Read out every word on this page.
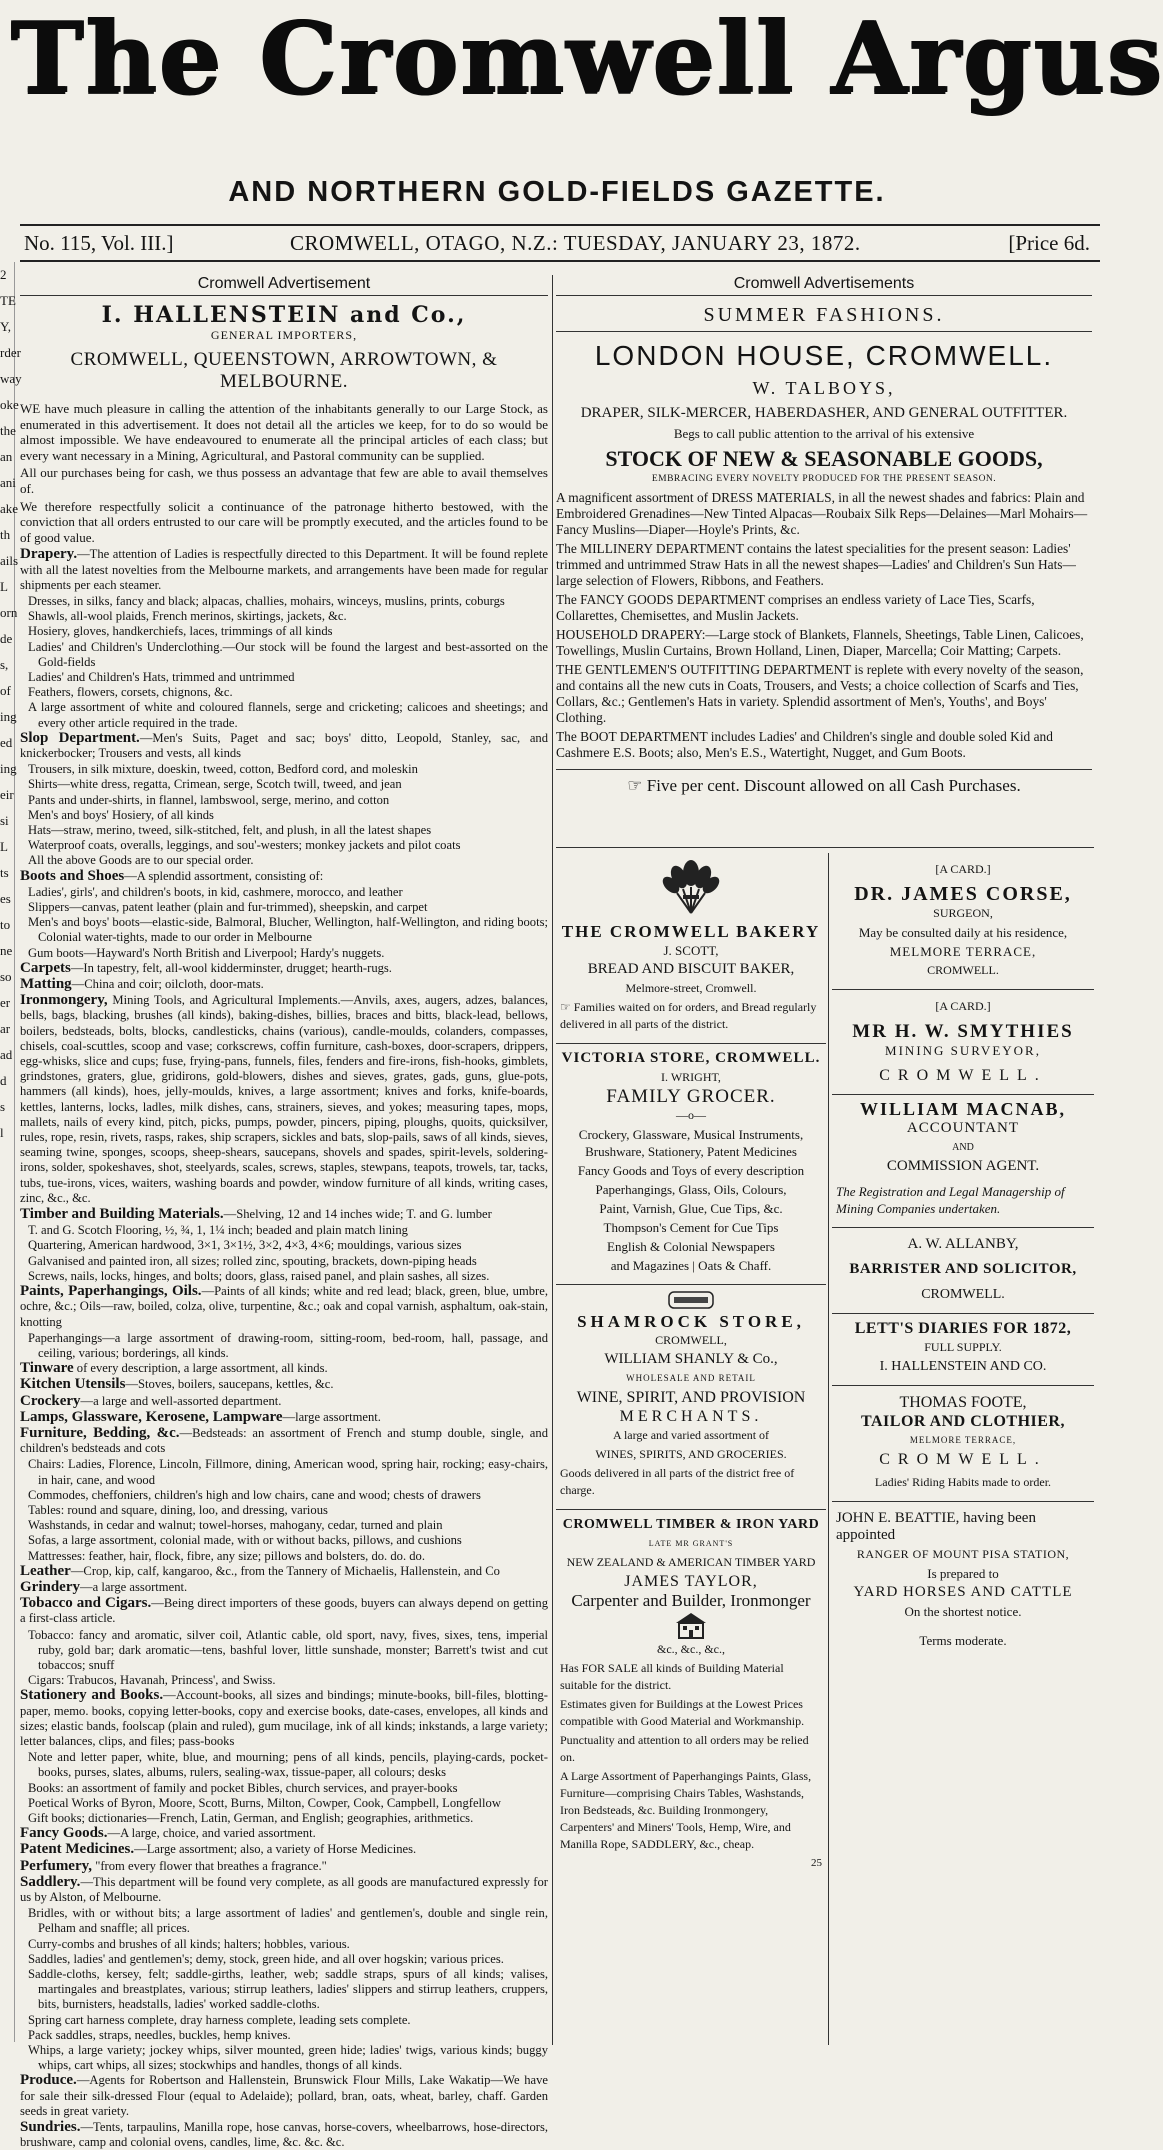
The Cromwell Argus
AND NORTHERN GOLD-FIELDS GAZETTE.
No. 115, Vol. III.]	CROMWELL, OTAGO, N.Z.: TUESDAY, JANUARY 23, 1872.	[Price 6d.
2
TE
Y,
rder
way
oke
the
an
ani
ake
th
ails
L
orn
de
s,
of
ing
ed
ing
eir
si
L
ts
es
to
ne
so
er
ar
ad
d
s
l
Cromwell Advertisement
I. HALLENSTEIN and Co.,
GENERAL IMPORTERS,
CROMWELL, QUEENSTOWN, ARROWTOWN, & MELBOURNE.

WE have much pleasure in calling the attention of the inhabitants generally to our Large Stock, as enumerated in this advertisement. It does not detail all the articles we keep, for to do so would be almost impossible. We have endeavoured to enumerate all the principal articles of each class; but every want necessary in a Mining, Agricultural, and Pastoral community can be supplied.

All our purchases being for cash, we thus possess an advantage that few are able to avail themselves of.

We therefore respectfully solicit a continuance of the patronage hitherto bestowed, with the conviction that all orders entrusted to our care will be promptly executed, and the articles found to be of good value.

Drapery.—The attention of Ladies is respectfully directed to this Department. It will be found replete with all the latest novelties from the Melbourne markets, and arrangements have been made for regular shipments per each steamer.

Dresses, in silks, fancy and black; alpacas, challies, mohairs, winceys, muslins, prints, coburgs
Shawls, all-wool plaids, French merinos, skirtings, jackets, &c.
Hosiery, gloves, handkerchiefs, laces, trimmings of all kinds
Ladies' and Children's Underclothing.—Our stock will be found the largest and best-assorted on the Gold-fields
Ladies' and Children's Hats, trimmed and untrimmed
Feathers, flowers, corsets, chignons, &c.
A large assortment of white and coloured flannels, serge and cricketing; calicoes and sheetings; and every other article required in the trade.

Slop Department.—Men's Suits, Paget and sac; boys' ditto, Leopold, Stanley, sac, and knickerbocker; Trousers and vests, all kinds

Trousers, in silk mixture, doeskin, tweed, cotton, Bedford cord, and moleskin
Shirts—white dress, regatta, Crimean, serge, Scotch twill, tweed, and jean
Pants and under-shirts, in flannel, lambswool, serge, merino, and cotton
Men's and boys' Hosiery, of all kinds
Hats—straw, merino, tweed, silk-stitched, felt, and plush, in all the latest shapes
Waterproof coats, overalls, leggings, and sou'-westers; monkey jackets and pilot coats
All the above Goods are to our special order.

Boots and Shoes—A splendid assortment, consisting of:

Ladies', girls', and children's boots, in kid, cashmere, morocco, and leather
Slippers—canvas, patent leather (plain and fur-trimmed), sheepskin, and carpet
Men's and boys' boots—elastic-side, Balmoral, Blucher, Wellington, half-Wellington, and riding boots; Colonial water-tights, made to our order in Melbourne
Gum boots—Hayward's North British and Liverpool; Hardy's nuggets.

Carpets—In tapestry, felt, all-wool kidderminster, drugget; hearth-rugs.

Matting—China and coir; oilcloth, door-mats.

Ironmongery, Mining Tools, and Agricultural Implements.—Anvils, axes, augers, adzes, balances, bells, bags, blacking, brushes (all kinds), baking-dishes, billies, braces and bitts, black-lead, bellows, boilers, bedsteads, bolts, blocks, candlesticks, chains (various), candle-moulds, colanders, compasses, chisels, coal-scuttles, scoop and vase; corkscrews, coffin furniture, cash-boxes, door-scrapers, drippers, egg-whisks, slice and cups; fuse, frying-pans, funnels, files, fenders and fire-irons, fish-hooks, gimblets, grindstones, graters, glue, gridirons, gold-blowers, dishes and sieves, grates, gads, guns, glue-pots, hammers (all kinds), hoes, jelly-moulds, knives, a large assortment; knives and forks, knife-boards, kettles, lanterns, locks, ladles, milk dishes, cans, strainers, sieves, and yokes; measuring tapes, mops, mallets, nails of every kind, pitch, picks, pumps, powder, pincers, piping, ploughs, quoits, quicksilver, rules, rope, resin, rivets, rasps, rakes, ship scrapers, sickles and bats, slop-pails, saws of all kinds, sieves, seaming twine, sponges, scoops, sheep-shears, saucepans, shovels and spades, spirit-levels, soldering-irons, solder, spokeshaves, shot, steelyards, scales, screws, staples, stewpans, teapots, trowels, tar, tacks, tubs, tue-irons, vices, waiters, washing boards and powder, window furniture of all kinds, writing cases, zinc, &c., &c.

Timber and Building Materials.—Shelving, 12 and 14 inches wide; T. and G. lumber

T. and G. Scotch Flooring, ½, ¾, 1, 1¼ inch; beaded and plain match lining
Quartering, American hardwood, 3×1, 3×1½, 3×2, 4×3, 4×6; mouldings, various sizes
Galvanised and painted iron, all sizes; rolled zinc, spouting, brackets, down-piping heads
Screws, nails, locks, hinges, and bolts; doors, glass, raised panel, and plain sashes, all sizes.

Paints, Paperhangings, Oils.—Paints of all kinds; white and red lead; black, green, blue, umbre, ochre, &c.; Oils—raw, boiled, colza, olive, turpentine, &c.; oak and copal varnish, asphaltum, oak-stain, knotting

Paperhangings—a large assortment of drawing-room, sitting-room, bed-room, hall, passage, and ceiling, various; borderings, all kinds.

Tinware of every description, a large assortment, all kinds.

Kitchen Utensils—Stoves, boilers, saucepans, kettles, &c.

Crockery—a large and well-assorted department.

Lamps, Glassware, Kerosene, Lampware—large assortment.

Furniture, Bedding, &c.—Bedsteads: an assortment of French and stump double, single, and children's bedsteads and cots

Chairs: Ladies, Florence, Lincoln, Fillmore, dining, American wood, spring hair, rocking; easy-chairs, in hair, cane, and wood
Commodes, cheffoniers, children's high and low chairs, cane and wood; chests of drawers
Tables: round and square, dining, loo, and dressing, various
Washstands, in cedar and walnut; towel-horses, mahogany, cedar, turned and plain
Sofas, a large assortment, colonial made, with or without backs, pillows, and cushions
Mattresses: feather, hair, flock, fibre, any size; pillows and bolsters, do. do. do.

Leather—Crop, kip, calf, kangaroo, &c., from the Tannery of Michaelis, Hallenstein, and Co

Grindery—a large assortment.

Tobacco and Cigars.—Being direct importers of these goods, buyers can always depend on getting a first-class article.

Tobacco: fancy and aromatic, silver coil, Atlantic cable, old sport, navy, fives, sixes, tens, imperial ruby, gold bar; dark aromatic—tens, bashful lover, little sunshade, monster; Barrett's twist and cut tobaccos; snuff
Cigars: Trabucos, Havanah, Princess', and Swiss.

Stationery and Books.—Account-books, all sizes and bindings; minute-books, bill-files, blotting-paper, memo. books, copying letter-books, copy and exercise books, date-cases, envelopes, all kinds and sizes; elastic bands, foolscap (plain and ruled), gum mucilage, ink of all kinds; inkstands, a large variety; letter balances, clips, and files; pass-books

Note and letter paper, white, blue, and mourning; pens of all kinds, pencils, playing-cards, pocket-books, purses, slates, albums, rulers, sealing-wax, tissue-paper, all colours; desks
Books: an assortment of family and pocket Bibles, church services, and prayer-books
Poetical Works of Byron, Moore, Scott, Burns, Milton, Cowper, Cook, Campbell, Longfellow
Gift books; dictionaries—French, Latin, German, and English; geographies, arithmetics.

Fancy Goods.—A large, choice, and varied assortment.

Patent Medicines.—Large assortment; also, a variety of Horse Medicines.

Perfumery, "from every flower that breathes a fragrance."

Saddlery.—This department will be found very complete, as all goods are manufactured expressly for us by Alston, of Melbourne.

Bridles, with or without bits; a large assortment of ladies' and gentlemen's, double and single rein, Pelham and snaffle; all prices.
Curry-combs and brushes of all kinds; halters; hobbles, various.
Saddles, ladies' and gentlemen's; demy, stock, green hide, and all over hogskin; various prices.
Saddle-cloths, kersey, felt; saddle-girths, leather, web; saddle straps, spurs of all kinds; valises, martingales and breastplates, various; stirrup leathers, ladies' slippers and stirrup leathers, cruppers, bits, burnisters, headstalls, ladies' worked saddle-cloths.
Spring cart harness complete, dray harness complete, leading sets complete.
Pack saddles, straps, needles, buckles, hemp knives.
Whips, a large variety; jockey whips, silver mounted, green hide; ladies' twigs, various kinds; buggy whips, cart whips, all sizes; stockwhips and handles, thongs of all kinds.

Produce.—Agents for Robertson and Hallenstein, Brunswick Flour Mills, Lake Wakatip—We have for sale their silk-dressed Flour (equal to Adelaide); pollard, bran, oats, wheat, barley, chaff. Garden seeds in great variety.

Sundries.—Tents, tarpaulins, Manilla rope, hose canvas, horse-covers, wheelbarrows, hose-directors, brushware, camp and colonial ovens, candles, lime, &c. &c. &c.

Cromwell Advertisements
SUMMER FASHIONS.
LONDON HOUSE, CROMWELL.
W. TALBOYS,
DRAPER, SILK-MERCER, HABERDASHER, AND GENERAL OUTFITTER.
Begs to call public attention to the arrival of his extensive
STOCK OF NEW & SEASONABLE GOODS,
EMBRACING EVERY NOVELTY PRODUCED FOR THE PRESENT SEASON.

A magnificent assortment of DRESS MATERIALS, in all the newest shades and fabrics: Plain and Embroidered Grenadines—New Tinted Alpacas—Roubaix Silk Reps—Delaines—Marl Mohairs—Fancy Muslins—Diaper—Hoyle's Prints, &c.

The MILLINERY DEPARTMENT contains the latest specialities for the present season: Ladies' trimmed and untrimmed Straw Hats in all the newest shapes—Ladies' and Children's Sun Hats—large selection of Flowers, Ribbons, and Feathers.

The FANCY GOODS DEPARTMENT comprises an endless variety of Lace Ties, Scarfs, Collarettes, Chemisettes, and Muslin Jackets.

HOUSEHOLD DRAPERY:—Large stock of Blankets, Flannels, Sheetings, Table Linen, Calicoes, Towellings, Muslin Curtains, Brown Holland, Linen, Diaper, Marcella; Coir Matting; Carpets.

THE GENTLEMEN'S OUTFITTING DEPARTMENT is replete with every novelty of the season, and contains all the new cuts in Coats, Trousers, and Vests; a choice collection of Scarfs and Ties, Collars, &c.; Gentlemen's Hats in variety. Splendid assortment of Men's, Youths', and Boys' Clothing.

The BOOT DEPARTMENT includes Ladies' and Children's single and double soled Kid and Cashmere E.S. Boots; also, Men's E.S., Watertight, Nugget, and Gum Boots.

☞ Five per cent. Discount allowed on all Cash Purchases.
THE CROMWELL BAKERY

J. SCOTT,

BREAD AND BISCUIT BAKER,

Melmore-street, Cromwell.

☞ Families waited on for orders, and Bread regularly delivered in all parts of the district.

VICTORIA STORE, CROMWELL.

I. WRIGHT,

FAMILY GROCER.

—o—

Crockery, Glassware, Musical Instruments, Brushware, Stationery, Patent Medicines

Fancy Goods and Toys of every description

Paperhangings, Glass, Oils, Colours,

Paint, Varnish, Glue, Cue Tips, &c.

Thompson's Cement for Cue Tips

English & Colonial Newspapers

and Magazines | Oats & Chaff.

SHAMROCK STORE,

CROMWELL,

WILLIAM SHANLY & Co.,

WHOLESALE AND RETAIL

WINE, SPIRIT, AND PROVISION

MERCHANTS.

A large and varied assortment of

WINES, SPIRITS, AND GROCERIES.

Goods delivered in all parts of the district free of charge.

CROMWELL TIMBER & IRON YARD

LATE MR GRANT'S

NEW ZEALAND & AMERICAN TIMBER YARD

JAMES TAYLOR,

Carpenter and Builder, Ironmonger

&c., &c., &c.,

Has FOR SALE all kinds of Building Material suitable for the district.

Estimates given for Buildings at the Lowest Prices compatible with Good Material and Workmanship.

Punctuality and attention to all orders may be relied on.

A Large Assortment of Paperhangings Paints, Glass, Furniture—comprising Chairs Tables, Washstands, Iron Bedsteads, &c. Building Ironmongery, Carpenters' and Miners' Tools, Hemp, Wire, and Manilla Rope, SADDLERY, &c., cheap.

25

[A CARD.]

DR. JAMES CORSE,

SURGEON,

May be consulted daily at his residence,

MELMORE TERRACE,

CROMWELL.

[A CARD.]

MR H. W. SMYTHIES

MINING SURVEYOR,

CROMWELL.

WILLIAM MACNAB,

ACCOUNTANT

AND

COMMISSION AGENT.

The Registration and Legal Managership of Mining Companies undertaken.

A. W. ALLANBY,

BARRISTER AND SOLICITOR,

CROMWELL.

LETT'S DIARIES FOR 1872,

FULL SUPPLY.

I. HALLENSTEIN AND CO.

THOMAS FOOTE,

TAILOR AND CLOTHIER,

MELMORE TERRACE,

CROMWELL.

Ladies' Riding Habits made to order.

JOHN E. BEATTIE, having been appointed

RANGER OF MOUNT PISA STATION,

Is prepared to

YARD HORSES AND CATTLE

On the shortest notice.

Terms moderate.
